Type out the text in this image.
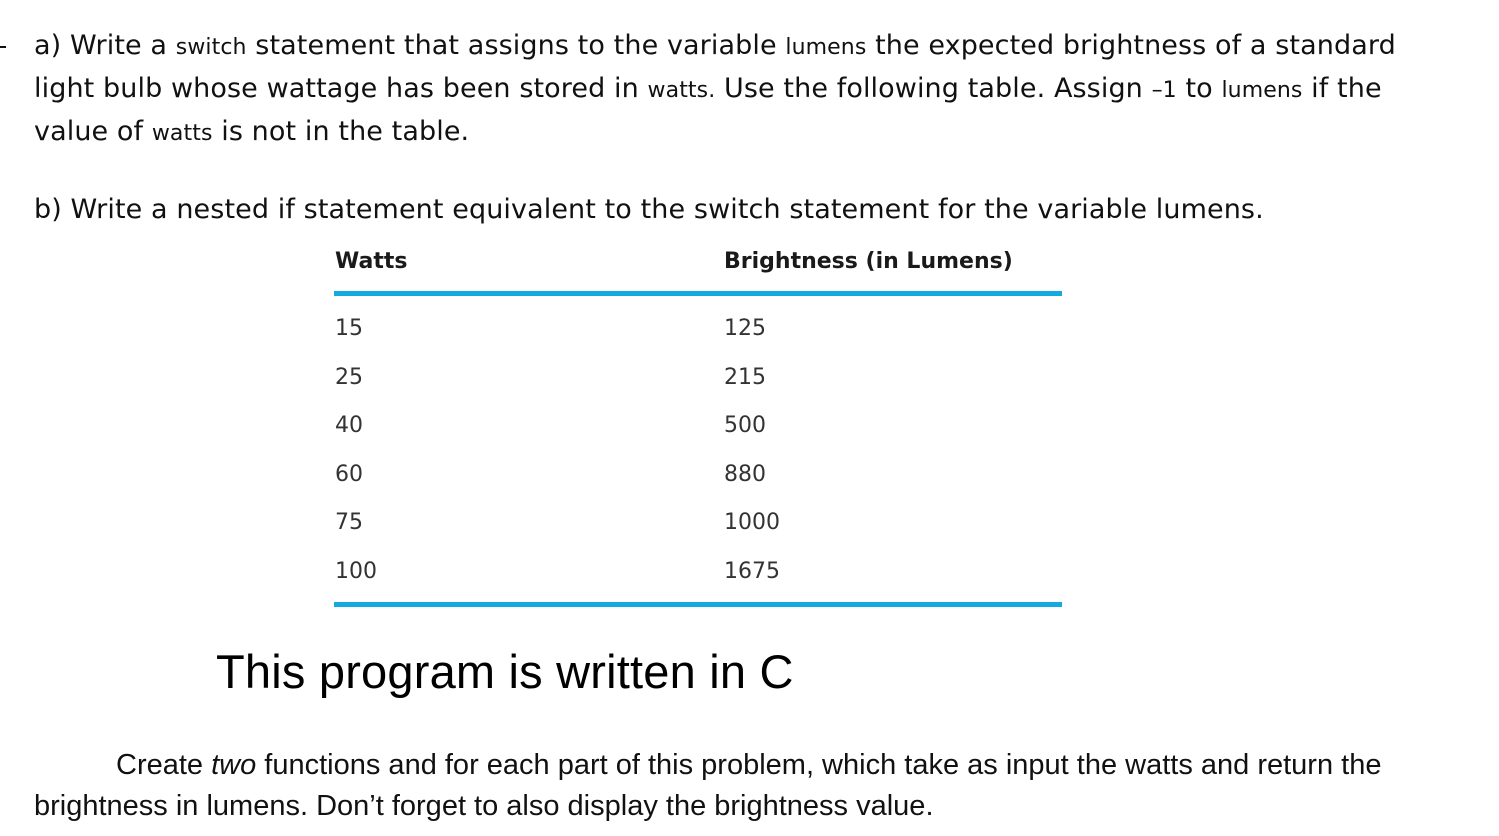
a) Write a switch statement that assigns to the variable lumens the expected brightness of a standard light bulb whose wattage has been stored in watts. Use the following table. Assign –1 to lumens if the value of watts is not in the table.
b) Write a nested if statement equivalent to the switch statement for the variable lumens.
Watts	Brightness (in Lumens)
15	125
25	215
40	500
60	880
75	1000
100	1675
This program is written in C
Create two functions and for each part of this problem, which take as input the watts and return the brightness in lumens. Don’t forget to also display the brightness value.
